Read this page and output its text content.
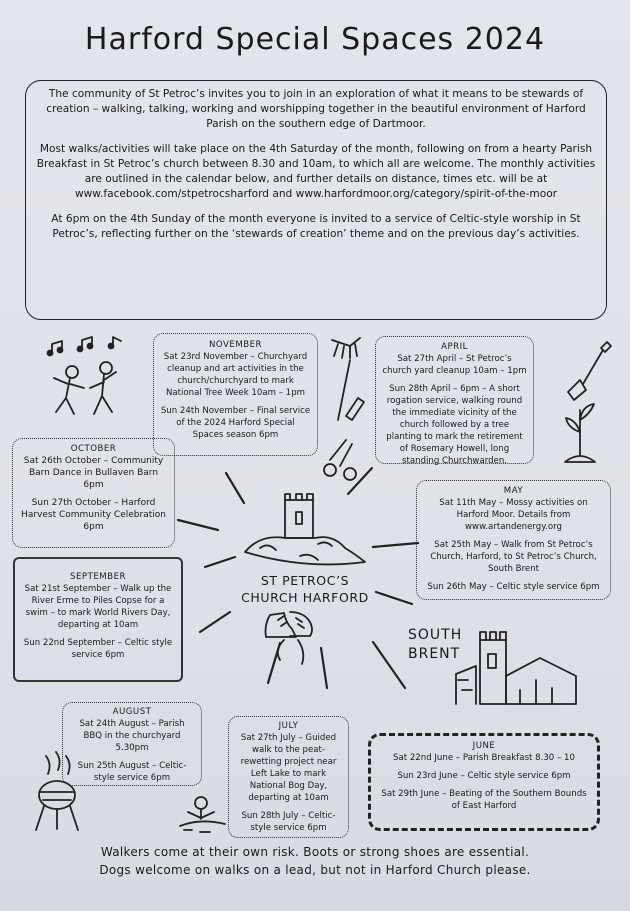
Harford Special Spaces 2024

The community of St Petroc’s invites you to join in an exploration of what it means to be stewards of creation – walking, talking, working and worshipping together in the beautiful environment of Harford Parish on the southern edge of Dartmoor.

Most walks/activities will take place on the 4th Saturday of the month, following on from a hearty Parish Breakfast in St Petroc’s church between 8.30 and 10am, to which all are welcome. The monthly activities are outlined in the calendar below, and further details on distance, times etc. will be at www.facebook.com/stpetrocsharford and www.harfordmoor.org/category/spirit-of-the-moor

At 6pm on the 4th Sunday of the month everyone is invited to a service of Celtic-style worship in St Petroc’s, reflecting further on the ‘stewards of creation’ theme and on the previous day’s activities.

NOVEMBER

Sat 23rd November – Churchyard cleanup and art activities in the church/churchyard to mark National Tree Week 10am – 1pm

Sun 24th November – Final service of the 2024 Harford Special Spaces season 6pm

APRIL

Sat 27th April – St Petroc’s church yard cleanup 10am – 1pm

Sun 28th April – 6pm – A short rogation service, walking round the immediate vicinity of the church followed by a tree planting to mark the retirement of Rosemary Howell, long standing Churchwarden.

OCTOBER

Sat 26th October – Community Barn Dance in Bullaven Barn 6pm

Sun 27th October – Harford Harvest Community Celebration 6pm

MAY

Sat 11th May – Mossy activities on Harford Moor. Details from www.artandenergy.org

Sat 25th May – Walk from St Petroc’s Church, Harford, to St Petroc’s Church, South Brent

Sun 26th May – Celtic style service 6pm

SEPTEMBER

Sat 21st September – Walk up the River Erme to Piles Copse for a swim – to mark World Rivers Day, departing at 10am

Sun 22nd September – Celtic style service 6pm

AUGUST

Sat 24th August – Parish BBQ in the churchyard 5.30pm

Sun 25th August – Celtic-style service 6pm

JULY

Sat 27th July – Guided walk to the peat-rewetting project near Left Lake to mark National Bog Day, departing at 10am

Sun 28th July – Celtic-style service 6pm

JUNE

Sat 22nd June – Parish Breakfast 8.30 – 10

Sun 23rd June – Celtic style service 6pm

Sat 29th June – Beating of the Southern Bounds of East Harford

ST PETROC’S
CHURCH HARFORD
SOUTH
BRENT
Walkers come at their own risk. Boots or strong shoes are essential.
Dogs welcome on walks on a lead, but not in Harford Church please.
